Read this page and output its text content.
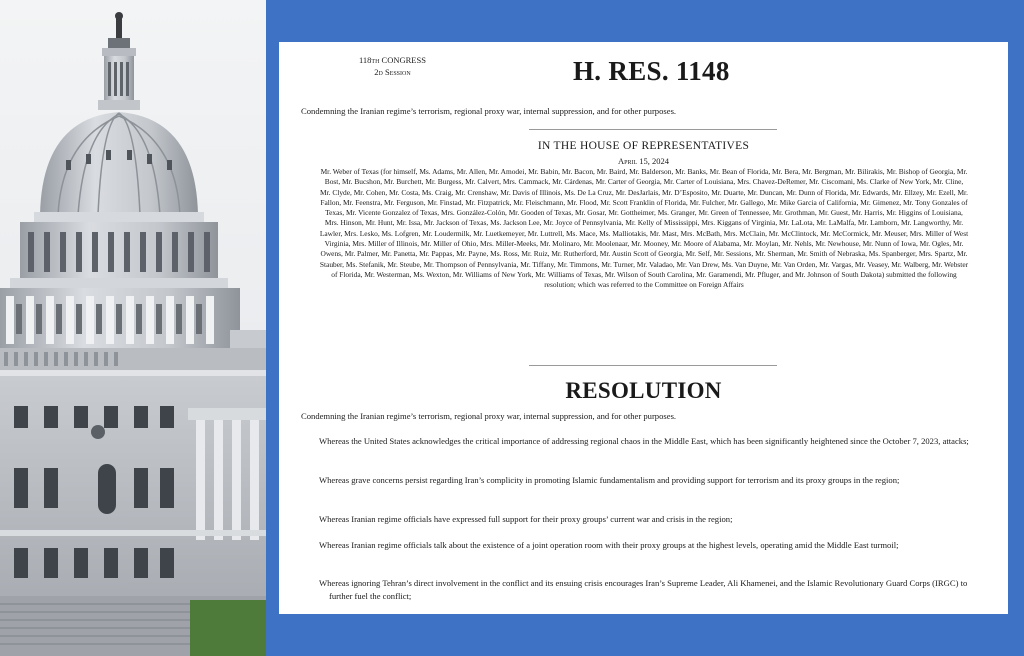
118th CONGRESS
2d Session	H. RES. 1148
Condemning the Iranian regime’s terrorism, regional proxy war, internal suppression, and for other purposes.
IN THE HOUSE OF REPRESENTATIVES
April 15, 2024
Mr. Weber of Texas (for himself, Ms. Adams, Mr. Allen, Mr. Amodei, Mr. Babin, Mr. Bacon, Mr. Baird, Mr. Balderson, Mr. Banks, Mr. Bean of Florida, Mr. Bera, Mr. Bergman, Mr. Bilirakis, Mr. Bishop of Georgia, Mr. Bost, Mr. Bucshon, Mr. Burchett, Mr. Burgess, Mr. Calvert, Mrs. Cammack, Mr. Cárdenas, Mr. Carter of Georgia, Mr. Carter of Louisiana, Mrs. Chavez-DeRemer, Mr. Ciscomani, Ms. Clarke of New York, Mr. Cline, Mr. Clyde, Mr. Cohen, Mr. Costa, Ms. Craig, Mr. Crenshaw, Mr. Davis of Illinois, Ms. De La Cruz, Mr. DesJarlais, Mr. D’Esposito, Mr. Duarte, Mr. Duncan, Mr. Dunn of Florida, Mr. Edwards, Mr. Ellzey, Mr. Ezell, Mr. Fallon, Mr. Feenstra, Mr. Ferguson, Mr. Finstad, Mr. Fitzpatrick, Mr. Fleischmann, Mr. Flood, Mr. Scott Franklin of Florida, Mr. Fulcher, Mr. Gallego, Mr. Mike Garcia of California, Mr. Gimenez, Mr. Tony Gonzales of Texas, Mr. Vicente Gonzalez of Texas, Mrs. González-Colón, Mr. Gooden of Texas, Mr. Gosar, Mr. Gottheimer, Ms. Granger, Mr. Green of Tennessee, Mr. Grothman, Mr. Guest, Mr. Harris, Mr. Higgins of Louisiana, Mrs. Hinson, Mr. Hunt, Mr. Issa, Mr. Jackson of Texas, Ms. Jackson Lee, Mr. Joyce of Pennsylvania, Mr. Kelly of Mississippi, Mrs. Kiggans of Virginia, Mr. LaLota, Mr. LaMalfa, Mr. Lamborn, Mr. Langworthy, Mr. Lawler, Mrs. Lesko, Ms. Lofgren, Mr. Loudermilk, Mr. Luetkemeyer, Mr. Luttrell, Ms. Mace, Ms. Malliotakis, Mr. Mast, Mrs. McBath, Mrs. McClain, Mr. McClintock, Mr. McCormick, Mr. Meuser, Mrs. Miller of West Virginia, Mrs. Miller of Illinois, Mr. Miller of Ohio, Mrs. Miller-Meeks, Mr. Molinaro, Mr. Moolenaar, Mr. Mooney, Mr. Moore of Alabama, Mr. Moylan, Mr. Nehls, Mr. Newhouse, Mr. Nunn of Iowa, Mr. Ogles, Mr. Owens, Mr. Palmer, Mr. Panetta, Mr. Pappas, Mr. Payne, Ms. Ross, Mr. Ruiz, Mr. Rutherford, Mr. Austin Scott of Georgia, Mr. Self, Mr. Sessions, Mr. Sherman, Mr. Smith of Nebraska, Ms. Spanberger, Mrs. Spartz, Mr. Stauber, Ms. Stefanik, Mr. Steube, Mr. Thompson of Pennsylvania, Mr. Tiffany, Mr. Timmons, Mr. Turner, Mr. Valadao, Mr. Van Drew, Ms. Van Duyne, Mr. Van Orden, Mr. Vargas, Mr. Veasey, Mr. Walberg, Mr. Webster of Florida, Mr. Westerman, Ms. Wexton, Mr. Williams of New York, Mr. Williams of Texas, Mr. Wilson of South Carolina, Mr. Garamendi, Mr. Pfluger, and Mr. Johnson of South Dakota) submitted the following resolution; which was referred to the Committee on Foreign Affairs
RESOLUTION
Condemning the Iranian regime’s terrorism, regional proxy war, internal suppression, and for other purposes.
Whereas the United States acknowledges the critical importance of addressing regional chaos in the Middle East, which has been significantly heightened since the October 7, 2023, attacks;
Whereas grave concerns persist regarding Iran’s complicity in promoting Islamic fundamentalism and providing support for terrorism and its proxy groups in the region;
Whereas Iranian regime officials have expressed full support for their proxy groups’ current war and crisis in the region;
Whereas Iranian regime officials talk about the existence of a joint operation room with their proxy groups at the highest levels, operating amid the Middle East turmoil;
Whereas ignoring Tehran’s direct involvement in the conflict and its ensuing crisis encourages Iran’s Supreme Leader, Ali Khamenei, and the Islamic Revolutionary Guard Corps (IRGC) to further fuel the conflict;
